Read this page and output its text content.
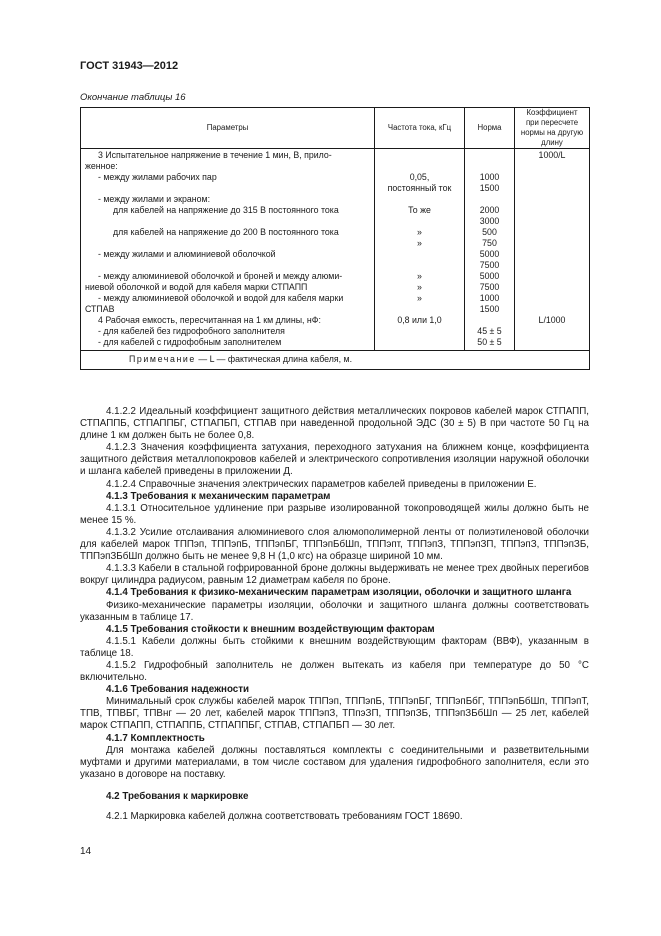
ГОСТ 31943—2012
Окончание таблицы 16
Параметры	Частота тока, кГц	Норма	Коэффициент при пересчете нормы на другую длину
3 Испытательное напряжение в течение 1 мин, В, прило-			1000/L
женное:			
- между жилами рабочих пар	0,05,	1000	
	постоянный ток	1500	
- между жилами и экраном:			
для кабелей на напряжение до 315 В постоянного тока	То же	2000	
		3000	
для кабелей на напряжение до 200 В постоянного тока	»	500	
	»	750	
- между жилами и алюминиевой оболочкой		5000	
		7500	
- между алюминиевой оболочкой и броней и между алюми-	»	5000	
ниевой оболочкой и водой для кабеля марки СТПАПП	»	7500	
- между алюминиевой оболочкой и водой для кабеля марки	»	1000	
СТПАВ		1500	
4 Рабочая емкость, пересчитанная на 1 км длины, нФ:	0,8 или 1,0		L/1000
- для кабелей без гидрофобного заполнителя		45 ± 5	
- для кабелей с гидрофобным заполнителем		50 ± 5	
Примечание — L — фактическая длина кабеля, м.			

4.1.2.2 Идеальный коэффициент защитного действия металлических покровов кабелей марок СТПАПП, СТПАППБ, СТПАППБГ, СТПАПБП, СТПАВ при наведенной продольной ЭДС (30 ± 5) В при частоте 50 Гц на длине 1 км должен быть не более 0,8.

4.1.2.3 Значения коэффициента затухания, переходного затухания на ближнем конце, коэффициента защитного действия металлопокровов кабелей и электрического сопротивления изоляции наружной оболочки и шланга кабелей приведены в приложении Д.

4.1.2.4 Справочные значения электрических параметров кабелей приведены в приложении Е.

4.1.3 Требования к механическим параметрам

4.1.3.1 Относительное удлинение при разрыве изолированной токопроводящей жилы должно быть не менее 15 %.

4.1.3.2 Усилие отслаивания алюминиевого слоя алюмополимерной ленты от полиэтиленовой оболочки для кабелей марок ТППэп, ТППэпБ, ТППэпБГ, ТППэпБбШп, ТППэпт, ТППэпЗ, ТППэпЗП, ТППэпЗ, ТППэпЗБ, ТППэпЗБбШп должно быть не менее 9,8 Н (1,0 кгс) на образце шириной 10 мм.

4.1.3.3 Кабели в стальной гофрированной броне должны выдерживать не менее трех двойных перегибов вокруг цилиндра радиусом, равным 12 диаметрам кабеля по броне.

4.1.4 Требования к физико-механическим параметрам изоляции, оболочки и защитного шланга

Физико-механические параметры изоляции, оболочки и защитного шланга должны соответствовать указанным в таблице 17.

4.1.5 Требования стойкости к внешним воздействующим факторам

4.1.5.1 Кабели должны быть стойкими к внешним воздействующим факторам (ВВФ), указанным в таблице 18.

4.1.5.2 Гидрофобный заполнитель не должен вытекать из кабеля при температуре до 50 °С включительно.

4.1.6 Требования надежности

Минимальный срок службы кабелей марок ТППэп, ТППэпБ, ТППэпБГ, ТППэпБбГ, ТППэпБбШп, ТППэпТ, ТПВ, ТПВБГ, ТПВнг — 20 лет, кабелей марок ТППэпЗ, ТПпэЗП, ТППэпЗБ, ТППэпЗБбШп — 25 лет, кабелей марок СТПАПП, СТПАППБ, СТПАППБГ, СТПАВ, СТПАПБП — 30 лет.

4.1.7 Комплектность

Для монтажа кабелей должны поставляться комплекты с соединительными и разветвительными муфтами и другими материалами, в том числе составом для удаления гидрофобного заполнителя, если это указано в договоре на поставку.

4.2 Требования к маркировке

4.2.1 Маркировка кабелей должна соответствовать требованиям ГОСТ 18690.

14
